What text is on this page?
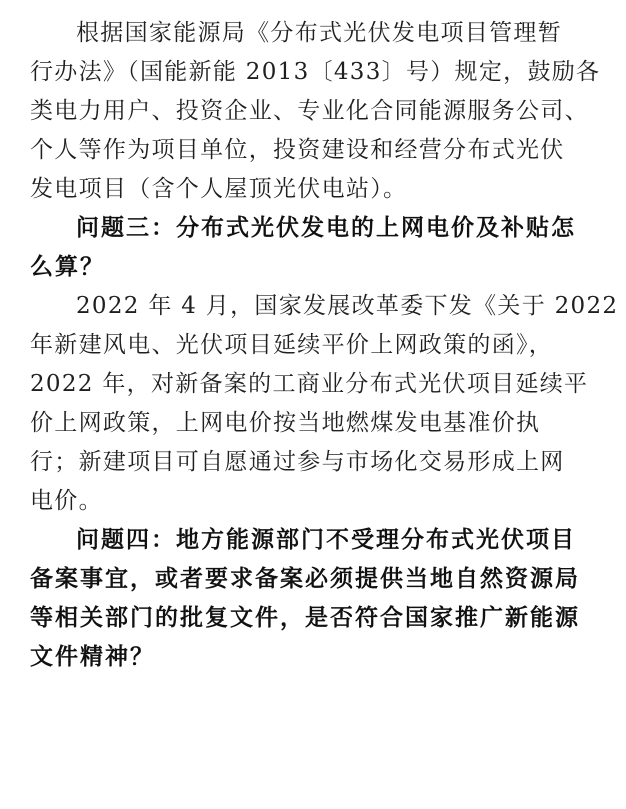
根据国家能源局《分布式光伏发电项目管理暂
行办法》（国能新能 2013〔433〕号）规定，鼓励各
类电力用户、投资企业、专业化合同能源服务公司、
个人等作为项目单位，投资建设和经营分布式光伏
发电项目（含个人屋顶光伏电站）。
问题三：分布式光伏发电的上网电价及补贴怎
么算？
2022 年 4 月，国家发展改革委下发《关于 2022
年新建风电、光伏项目延续平价上网政策的函》，
2022 年，对新备案的工商业分布式光伏项目延续平
价上网政策，上网电价按当地燃煤发电基准价执
行；新建项目可自愿通过参与市场化交易形成上网
电价。
问题四：地方能源部门不受理分布式光伏项目
备案事宜，或者要求备案必须提供当地自然资源局
等相关部门的批复文件，是否符合国家推广新能源
文件精神？
